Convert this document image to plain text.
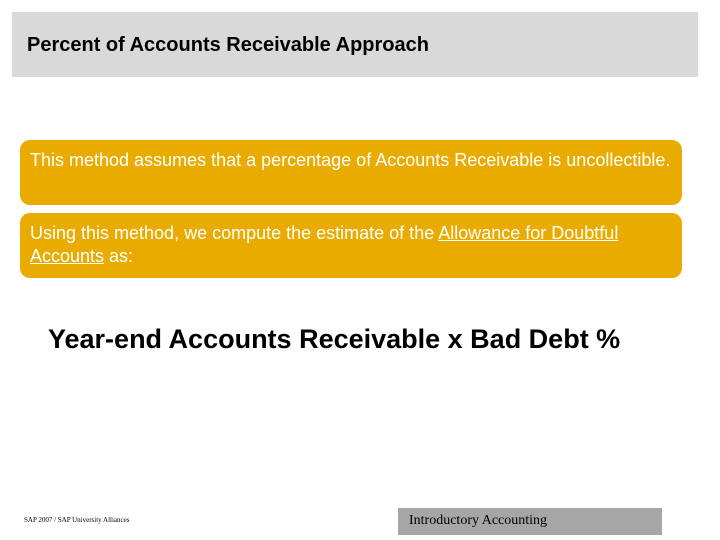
Percent of Accounts Receivable Approach
This method assumes that a percentage of Accounts Receivable is uncollectible.
Using this method, we compute the estimate of the Allowance for Doubtful Accounts as:
Year-end Accounts Receivable x Bad Debt %
SAP 2007 / SAP University Alliances	Introductory Accounting
